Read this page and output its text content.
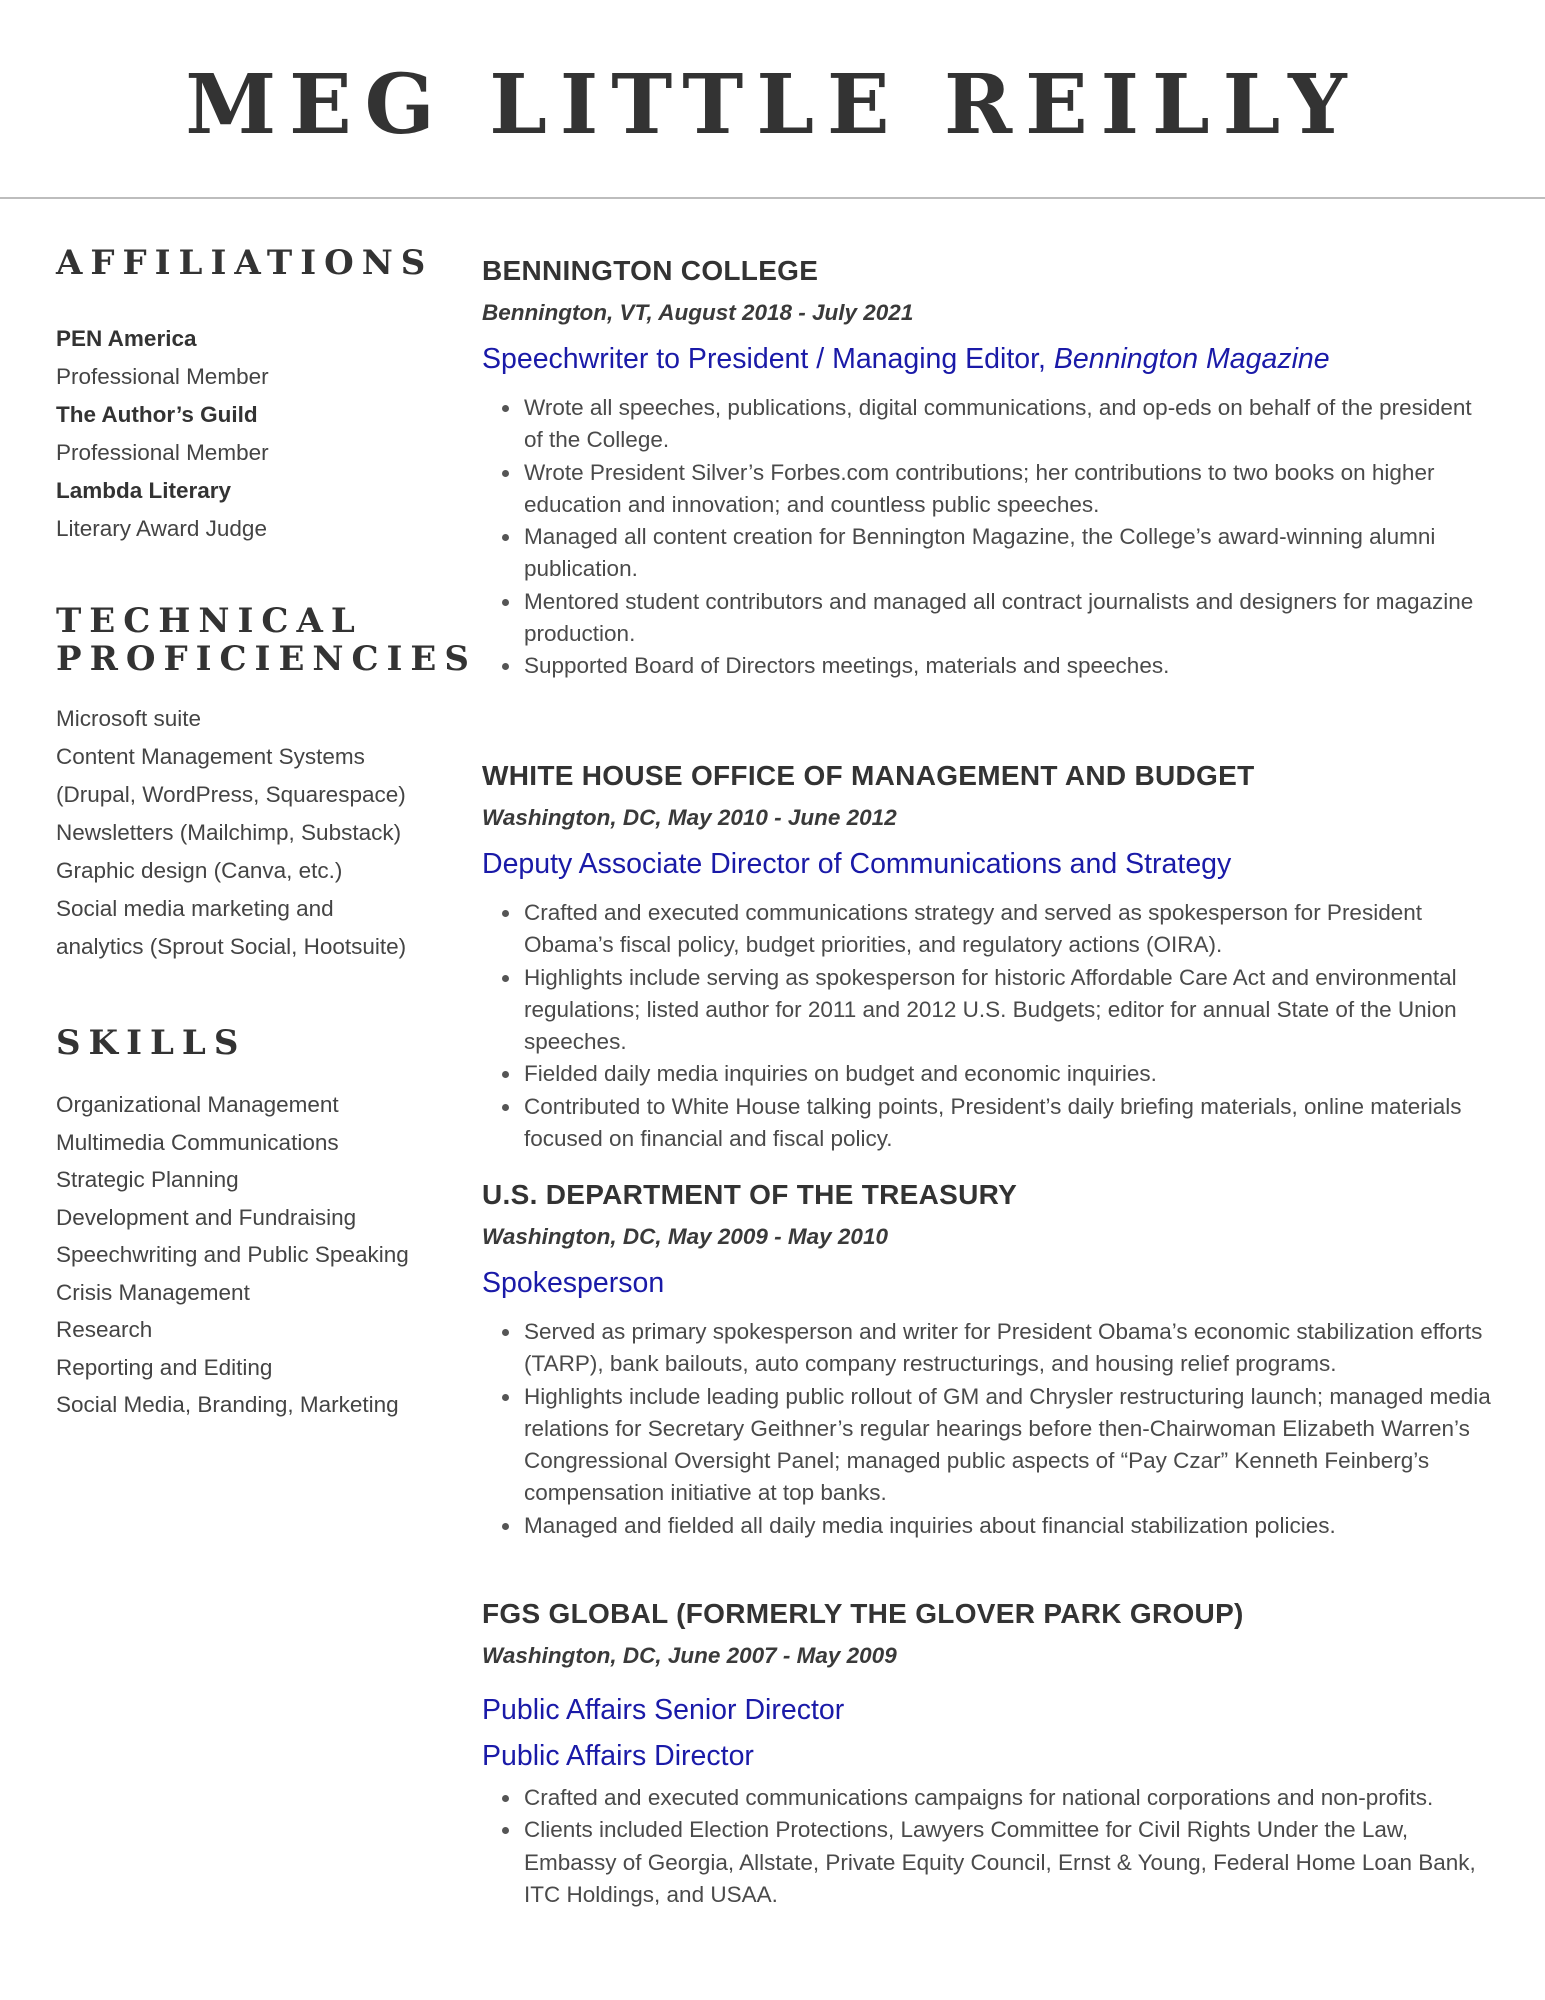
MEG LITTLE REILLY
AFFILIATIONS
PEN America
Professional Member
The Author’s Guild
Professional Member
Lambda Literary
Literary Award Judge
TECHNICAL
PROFICIENCIES
Microsoft suite
Content Management Systems
(Drupal, WordPress, Squarespace)
Newsletters (Mailchimp, Substack)
Graphic design (Canva, etc.)
Social media marketing and
analytics (Sprout Social, Hootsuite)
SKILLS
Organizational Management
Multimedia Communications
Strategic Planning
Development and Fundraising
Speechwriting and Public Speaking
Crisis Management
Research
Reporting and Editing
Social Media, Branding, Marketing
BENNINGTON COLLEGE

Bennington, VT, August 2018 - July 2021

Speechwriter to President / Managing Editor, Bennington Magazine

• Wrote all speeches, publications, digital communications, and op-eds on behalf of the president of the College.
• Wrote President Silver’s Forbes.com contributions; her contributions to two books on higher education and innovation; and countless public speeches.
• Managed all content creation for Bennington Magazine, the College’s award-winning alumni publication.
• Mentored student contributors and managed all contract journalists and designers for magazine production.
• Supported Board of Directors meetings, materials and speeches.
WHITE HOUSE OFFICE OF MANAGEMENT AND BUDGET

Washington, DC, May 2010 - June 2012

Deputy Associate Director of Communications and Strategy

• Crafted and executed communications strategy and served as spokesperson for President Obama’s fiscal policy, budget priorities, and regulatory actions (OIRA).
• Highlights include serving as spokesperson for historic Affordable Care Act and environmental regulations; listed author for 2011 and 2012 U.S. Budgets; editor for annual State of the Union speeches.
• Fielded daily media inquiries on budget and economic inquiries.
• Contributed to White House talking points, President’s daily briefing materials, online materials focused on financial and fiscal policy.
U.S. DEPARTMENT OF THE TREASURY

Washington, DC, May 2009 - May 2010

Spokesperson

• Served as primary spokesperson and writer for President Obama’s economic stabilization efforts (TARP), bank bailouts, auto company restructurings, and housing relief programs.
• Highlights include leading public rollout of GM and Chrysler restructuring launch; managed media relations for Secretary Geithner’s regular hearings before then-Chairwoman Elizabeth Warren’s Congressional Oversight Panel; managed public aspects of “Pay Czar” Kenneth Feinberg’s compensation initiative at top banks.
• Managed and fielded all daily media inquiries about financial stabilization policies.
FGS GLOBAL (FORMERLY THE GLOVER PARK GROUP)

Washington, DC, June 2007 - May 2009

Public Affairs Senior Director

Public Affairs Director

• Crafted and executed communications campaigns for national corporations and non-profits.
• Clients included Election Protections, Lawyers Committee for Civil Rights Under the Law, Embassy of Georgia, Allstate, Private Equity Council, Ernst & Young, Federal Home Loan Bank, ITC Holdings, and USAA.
